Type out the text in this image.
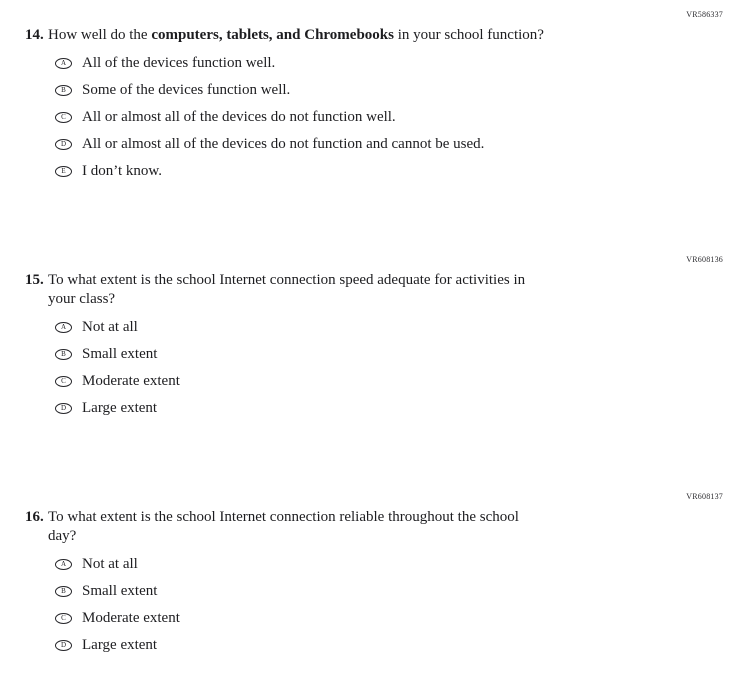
VR586337
14. How well do the computers, tablets, and Chromebooks in your school function?
A	All of the devices function well.
B	Some of the devices function well.
C	All or almost all of the devices do not function well.
D	All or almost all of the devices do not function and cannot be used.
E	I don’t know.
VR608136
15. To what extent is the school Internet connection speed adequate for activities in
your class?
A	Not at all
B	Small extent
C	Moderate extent
D	Large extent
VR608137
16. To what extent is the school Internet connection reliable throughout the school
day?
A	Not at all
B	Small extent
C	Moderate extent
D	Large extent
